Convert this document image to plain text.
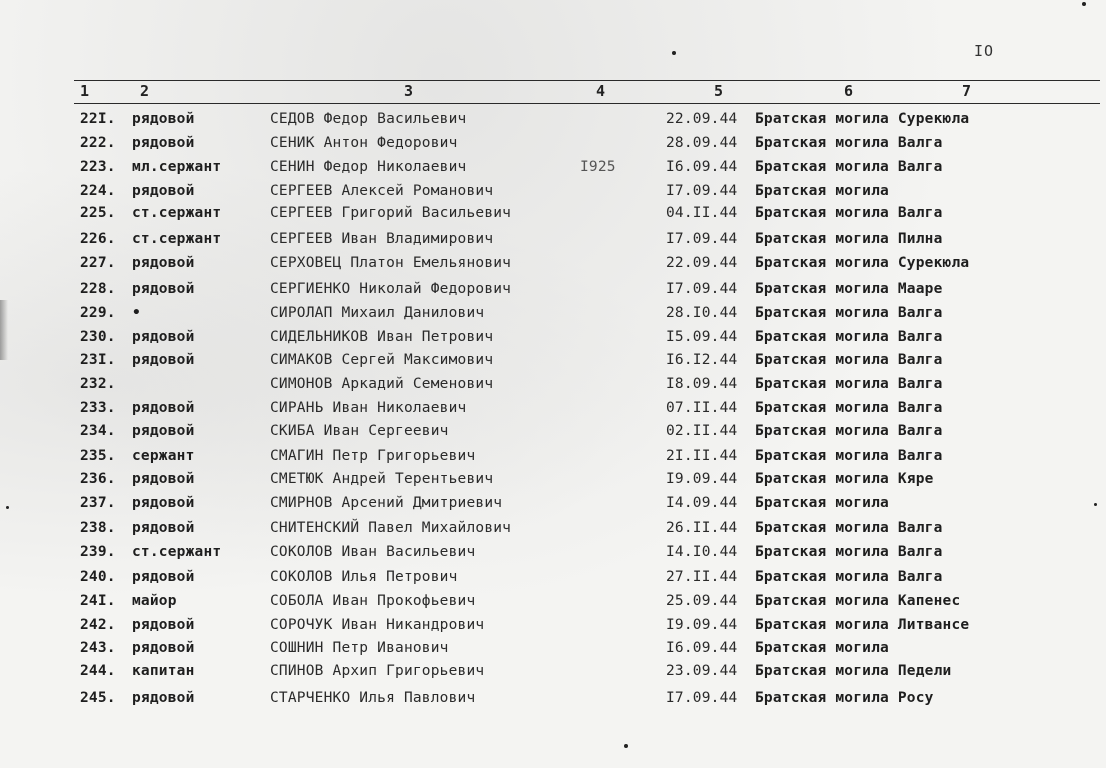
IO
1	2	3	4	5	6	7
22I. рядовой	СЕДОВ Федор Васильевич	22.09.44 Братская могила Сурекюла
222. рядовой	СЕНИК Антон Федорович	28.09.44 Братская могила Валга
223. мл.сержант	СЕНИН Федор Николаевич	I925	I6.09.44 Братская могила Валга
224. рядовой	СЕРГЕЕВ Алексей Романович	I7.09.44 Братская могила
225. ст.сержант	СЕРГЕЕВ Григорий Васильевич	04.II.44 Братская могила Валга
226. ст.сержант	СЕРГЕЕВ Иван Владимирович	I7.09.44 Братская могила Пилна
227. рядовой	СЕРХОВЕЦ Платон Емельянович	22.09.44 Братская могила Сурекюла
228. рядовой	СЕРГИЕНКО Николай Федорович	I7.09.44 Братская могила Маарe
229. •	СИРОЛАП Михаил Данилович	28.I0.44 Братская могила Валга
230. рядовой	СИДЕЛЬНИКОВ Иван Петрович	I5.09.44 Братская могила Валга
23I. рядовой	СИМАКОВ Сергей Максимович	I6.I2.44 Братская могила Валга
232.	СИМОНОВ Аркадий Семенович	I8.09.44 Братская могила Валга
233. рядовой	СИРАНЬ Иван Николаевич	07.II.44 Братская могила Валга
234. рядовой	СКИБА Иван Сергеевич	02.II.44 Братская могила Валга
235. сержант	СМАГИН Петр Григорьевич	2I.II.44 Братская могила Валга
236. рядовой	СМЕТЮК Андрей Терентьевич	I9.09.44 Братская могила Кяре
237. рядовой	СМИРНОВ Арсений Дмитриевич	I4.09.44 Братская могила
238. рядовой	СНИТЕНСКИЙ Павел Михайлович	26.II.44 Братская могила Валга
239. ст.сержант	СОКОЛОВ Иван Васильевич	I4.I0.44 Братская могила Валга
240. рядовой	СОКОЛОВ Илья Петрович	27.II.44 Братская могила Валга
24I. майор	СОБОЛА Иван Прокофьевич	25.09.44 Братская могила Капенес
242. рядовой	СОРОЧУК Иван Никандрович	I9.09.44 Братская могила Литвансе
243. рядовой	СОШНИН Петр Иванович	I6.09.44 Братская могила
244. капитан	СПИНОВ Архип Григорьевич	23.09.44 Братская могила Педели
245. рядовой	СТАРЧЕНКО Илья Павлович	I7.09.44 Братская могила Росу
